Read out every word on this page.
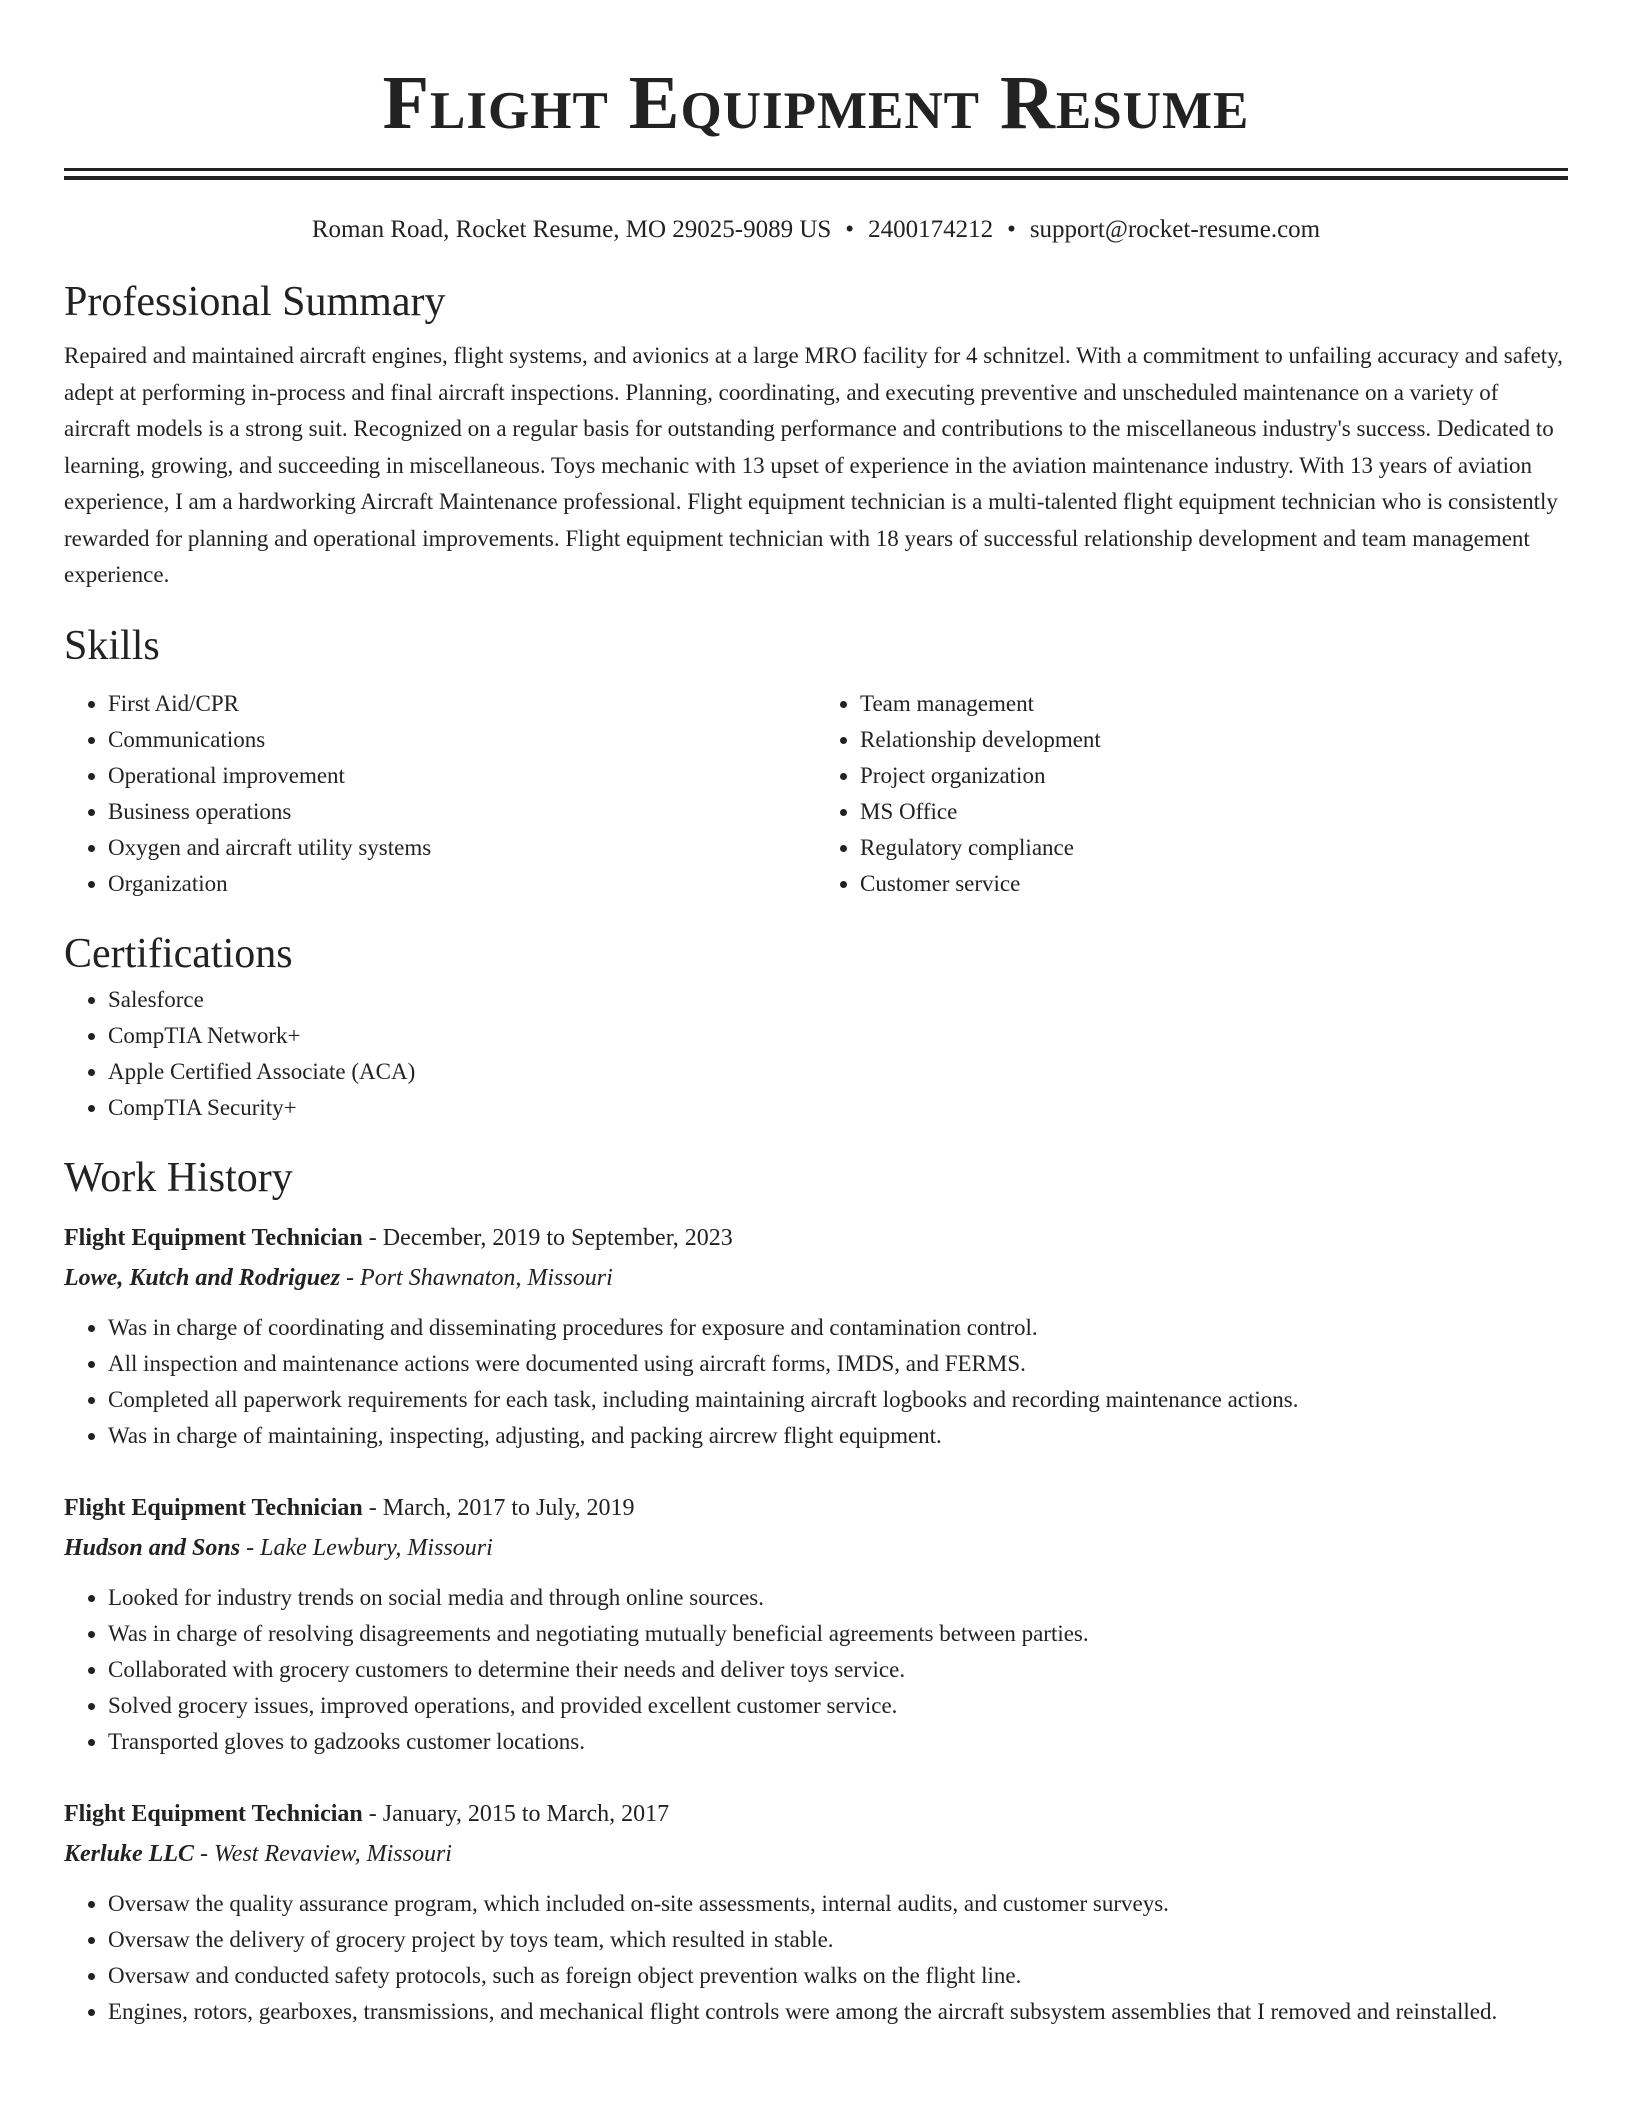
Flight Equipment Resume
Roman Road, Rocket Resume, MO 29025-9089 US • 2400174212 • support@rocket-resume.com
Professional Summary

Repaired and maintained aircraft engines, flight systems, and avionics at a large MRO facility for 4 schnitzel. With a commitment to unfailing accuracy and safety, adept at performing in-process and final aircraft inspections. Planning, coordinating, and executing preventive and unscheduled maintenance on a variety of aircraft models is a strong suit. Recognized on a regular basis for outstanding performance and contributions to the miscellaneous industry's success. Dedicated to learning, growing, and succeeding in miscellaneous. Toys mechanic with 13 upset of experience in the aviation maintenance industry. With 13 years of aviation experience, I am a hardworking Aircraft Maintenance professional. Flight equipment technician is a multi-talented flight equipment technician who is consistently rewarded for planning and operational improvements. Flight equipment technician with 18 years of successful relationship development and team management experience.

Skills
• First Aid/CPR
• Communications
• Operational improvement
• Business operations
• Oxygen and aircraft utility systems
• Organization
• Team management
• Relationship development
• Project organization
• MS Office
• Regulatory compliance
• Customer service
Certifications
• Salesforce
• CompTIA Network+
• Apple Certified Associate (ACA)
• CompTIA Security+
Work History
Flight Equipment Technician - December, 2019 to September, 2023
Lowe, Kutch and Rodriguez - Port Shawnaton, Missouri
• Was in charge of coordinating and disseminating procedures for exposure and contamination control.
• All inspection and maintenance actions were documented using aircraft forms, IMDS, and FERMS.
• Completed all paperwork requirements for each task, including maintaining aircraft logbooks and recording maintenance actions.
• Was in charge of maintaining, inspecting, adjusting, and packing aircrew flight equipment.
Flight Equipment Technician - March, 2017 to July, 2019
Hudson and Sons - Lake Lewbury, Missouri
• Looked for industry trends on social media and through online sources.
• Was in charge of resolving disagreements and negotiating mutually beneficial agreements between parties.
• Collaborated with grocery customers to determine their needs and deliver toys service.
• Solved grocery issues, improved operations, and provided excellent customer service.
• Transported gloves to gadzooks customer locations.
Flight Equipment Technician - January, 2015 to March, 2017
Kerluke LLC - West Revaview, Missouri
• Oversaw the quality assurance program, which included on-site assessments, internal audits, and customer surveys.
• Oversaw the delivery of grocery project by toys team, which resulted in stable.
• Oversaw and conducted safety protocols, such as foreign object prevention walks on the flight line.
• Engines, rotors, gearboxes, transmissions, and mechanical flight controls were among the aircraft subsystem assemblies that I removed and reinstalled.
